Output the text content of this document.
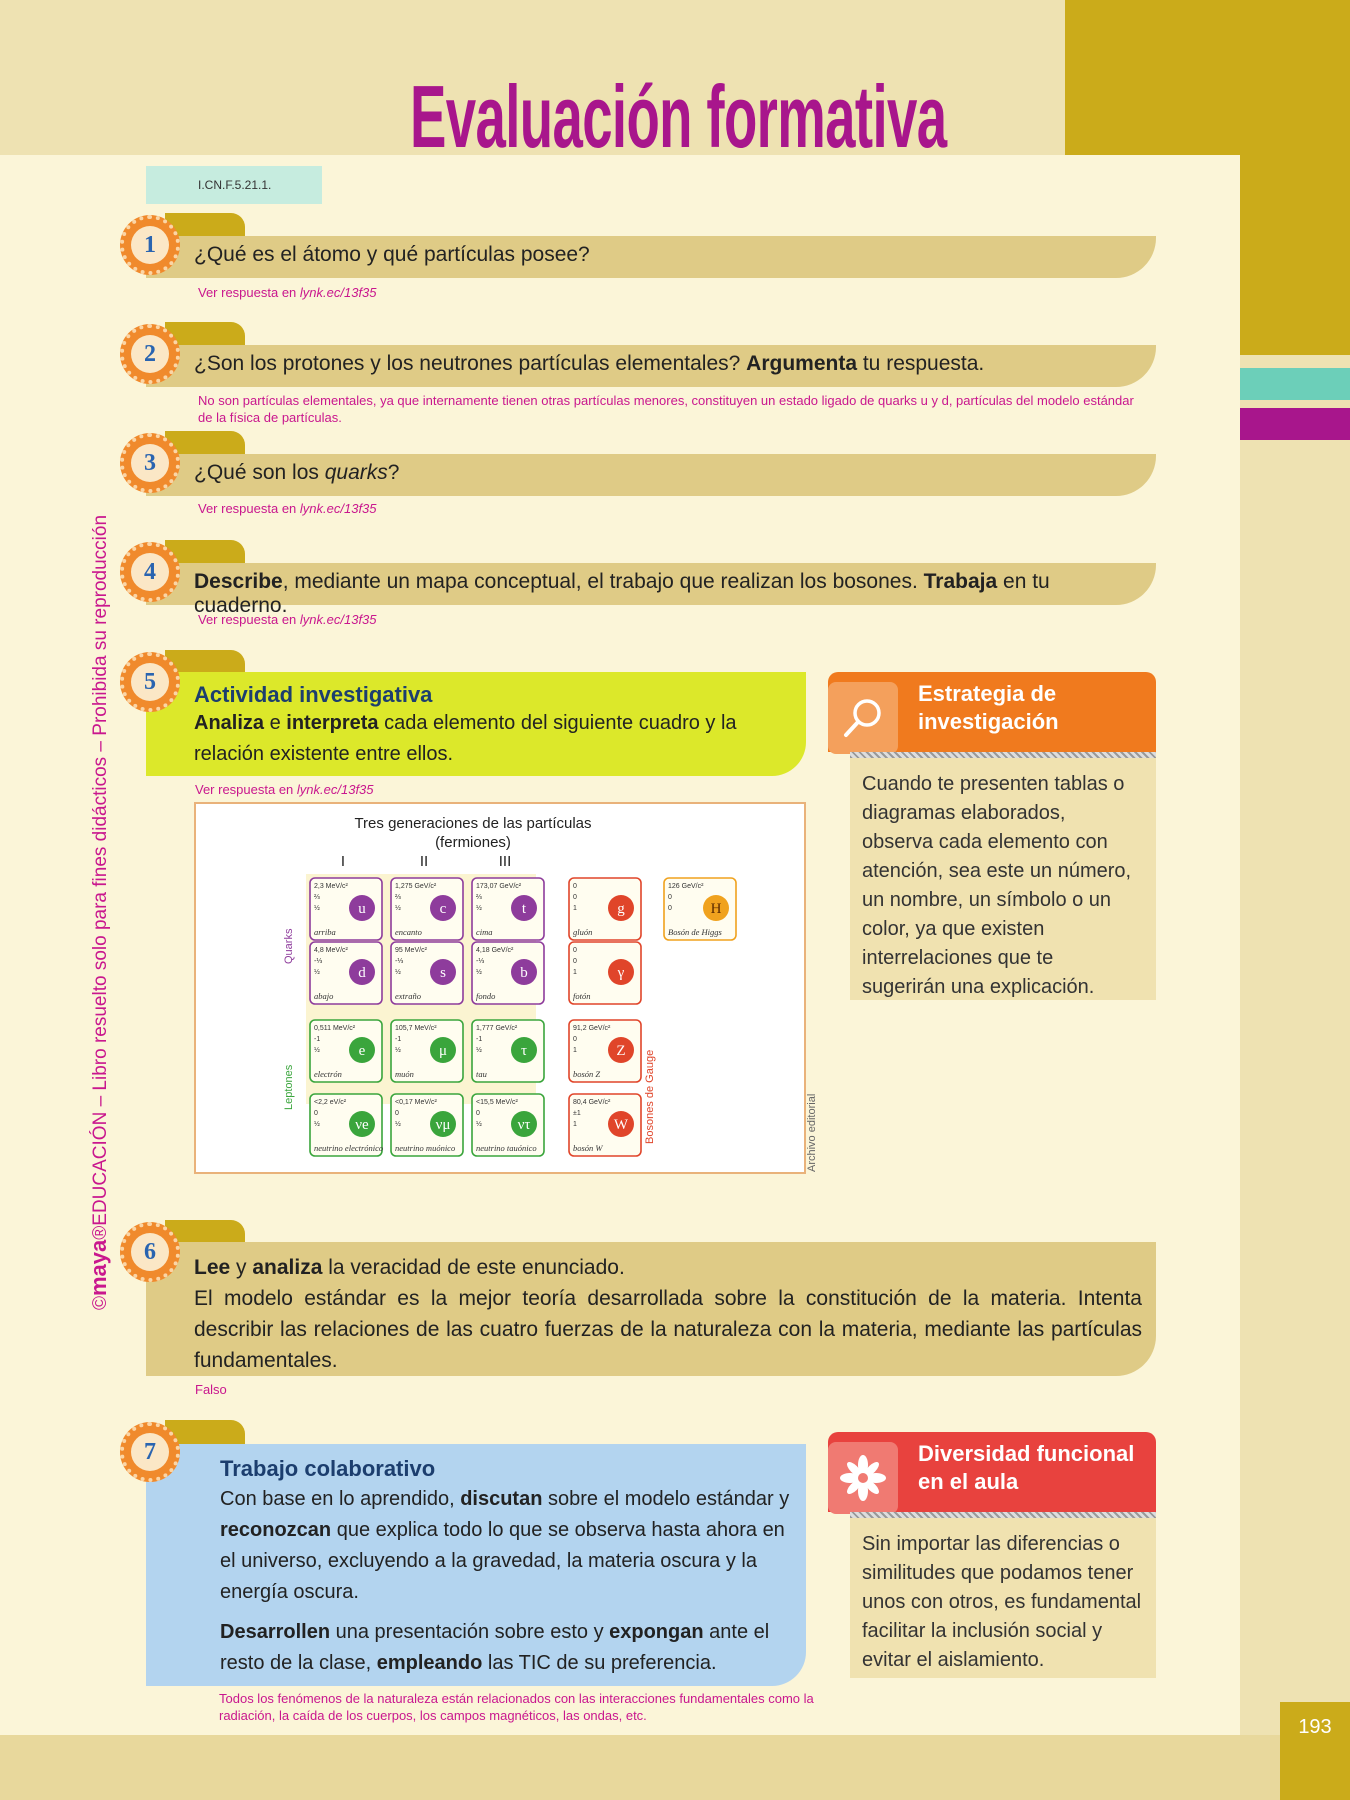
193
Evaluación formativa
I.CN.F.5.21.1.
©maya®EDUCACIÓN – Libro resuelto solo para fines didácticos – Prohibida su reproducción
¿Qué es el átomo y qué partículas posee?
1
Ver respuesta en lynk.ec/13f35
¿Son los protones y los neutrones partículas elementales? Argumenta tu respuesta.
2
No son partículas elementales, ya que internamente tienen otras partículas menores, constituyen un estado ligado de quarks u y d, partículas del modelo estándar de la física de partículas.
¿Qué son los quarks?
3
Ver respuesta en lynk.ec/13f35
Describe, mediante un mapa conceptual, el trabajo que realizan los bosones. Trabaja en tu cuaderno.
4
Ver respuesta en lynk.ec/13f35
Actividad investigativa
Analiza e interpreta cada elemento del siguiente cuadro y la relación existente entre ellos.
5
Ver respuesta en lynk.ec/13f35
Tres generaciones de las partículas
(fermiones)
I	II	III
Quarks
Leptones	Bosones de Gauge
2,3 MeV/c²
⅔
½	u
arriba
1,275 GeV/c²
⅔
½	c
encanto
173,07 GeV/c²
⅔
½	t
cima
0
0
1	g
gluón
126 GeV/c²
0
0	H
Bosón de Higgs
4,8 MeV/c²
-⅓
½	d
abajo
95 MeV/c²
-⅓
½	s
extraño
4,18 GeV/c²
-⅓
½	b
fondo
0
0
1	γ
fotón
0,511 MeV/c²
-1
½	e
electrón
105,7 MeV/c²
-1
½	μ
muón
1,777 GeV/c²
-1
½	τ
tau
91,2 GeV/c²
0
1	Z
bosón Z
<2,2 eV/c²
0
½ νe
neutrino electrónico
<0,17 MeV/c²
0
½ νμ
neutrino muónico
<15,5 MeV/c²
0
½ ντ
neutrino tauónico
80,4 GeV/c²
±1
1 W
bosón W	Archivo editorial
Estrategia de investigación
Cuando te presenten tablas o diagramas elaborados, observa cada elemento con atención, sea este un número, un nombre, un símbolo o un color, ya que existen interrelaciones que te sugerirán una explicación.
Lee y analiza la veracidad de este enunciado.
El modelo estándar es la mejor teoría desarrollada sobre la constitución de la materia. Intenta describir las relaciones de las cuatro fuerzas de la naturaleza con la materia, mediante las partículas fundamentales.
6
Falso
Trabajo colaborativo

Con base en lo aprendido, discutan sobre el modelo estándar y reconozcan que explica todo lo que se observa hasta ahora en el universo, excluyendo a la gravedad, la materia oscura y la energía oscura.

Desarrollen una presentación sobre esto y expongan ante el resto de la clase, empleando las TIC de su preferencia.

7
Todos los fenómenos de la naturaleza están relacionados con las interacciones fundamentales como la radiación, la caída de los cuerpos, los campos magnéticos, las ondas, etc.
Diversidad funcional en el aula
Sin importar las diferencias o similitudes que podamos tener unos con otros, es fundamental facilitar la inclusión social y evitar el aislamiento.
